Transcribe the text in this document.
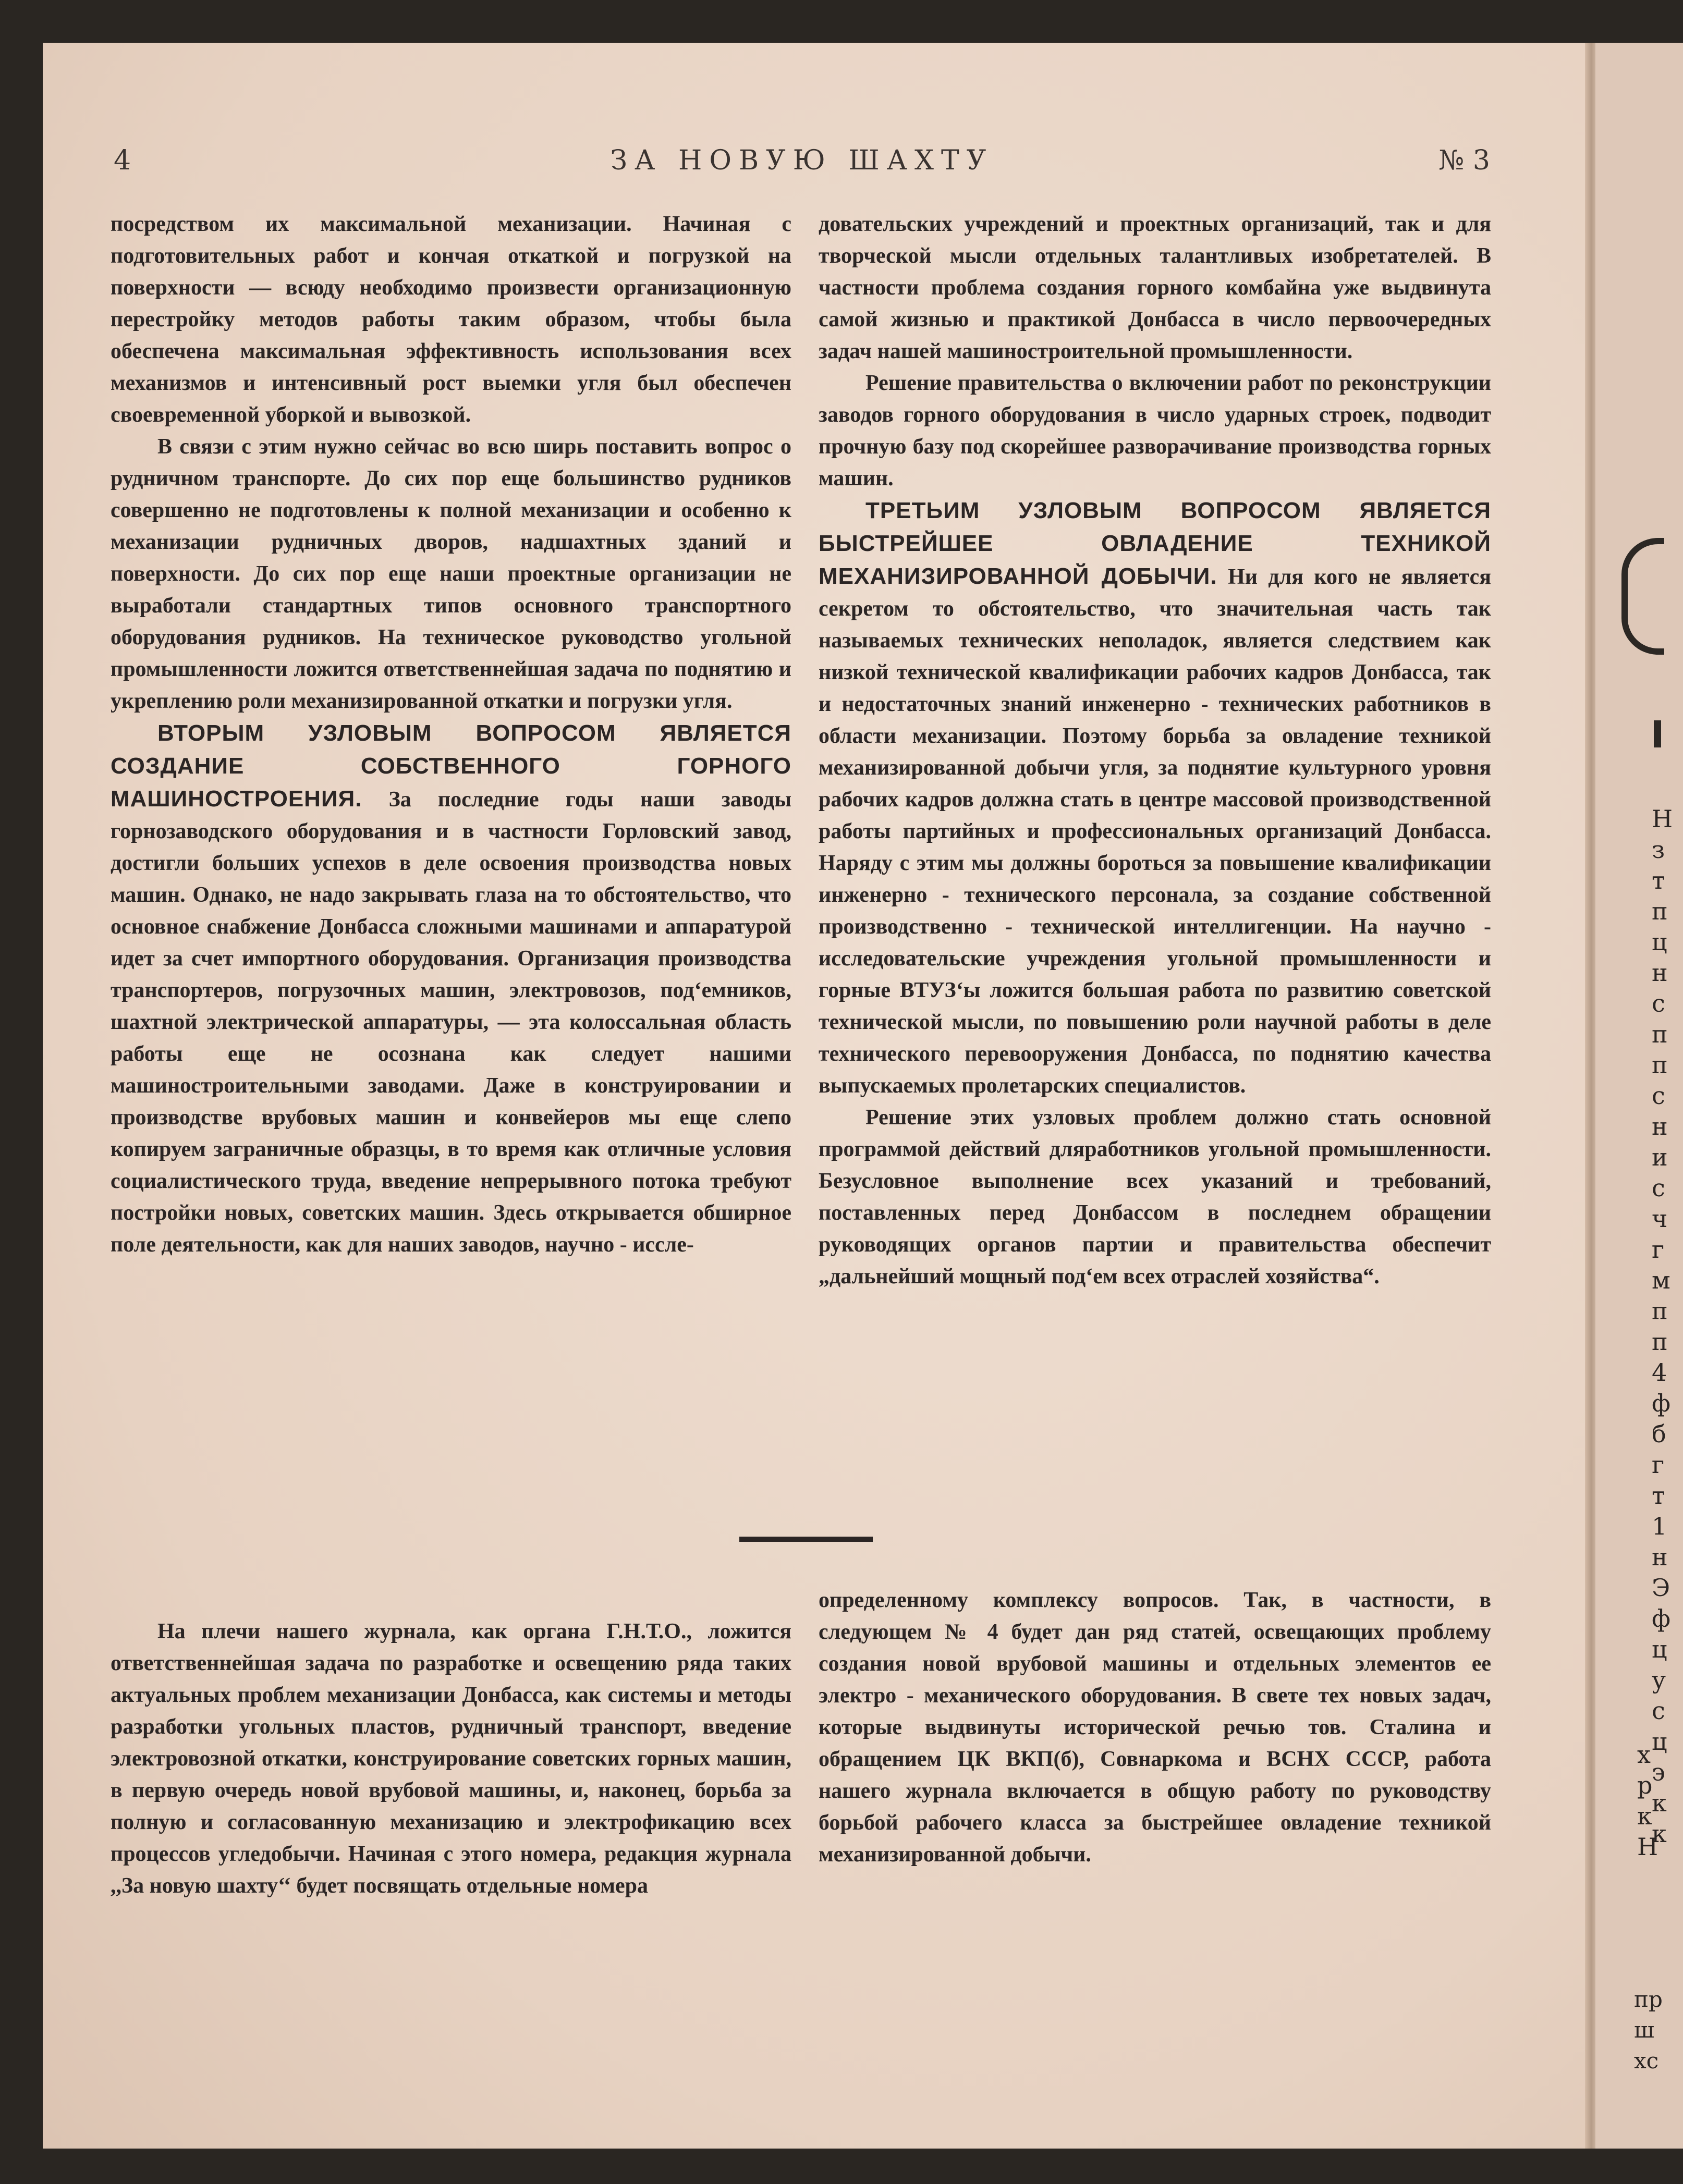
Н
з
т
п
ц
н
с
п
п
с
н
и
с
ч
г
м
п
п
4
ф
б
г
т
1
н
Э
ф
ц
у
с
ц
э
к
к
х
р
к
Н
пр
ш
хс
4	ЗА НОВУЮ ШАХТУ	№ 3

посредством их максимальной механизации. Начиная с подготовительных работ и кончая откаткой и погрузкой на поверхности — всюду необходимо произвести организационную перестройку методов работы таким образом, чтобы была обеспечена максимальная эффективность использования всех механизмов и интенсивный рост выемки угля был обеспечен своевременной уборкой и вывозкой.

В связи с этим нужно сейчас во всю ширь поставить вопрос о рудничном транспорте. До сих пор еще большинство рудников совершенно не подготовлены к полной механизации и особенно к механизации рудничных дворов, надшахтных зданий и поверхности. До сих пор еще наши проектные организации не выработали стандартных типов основного транспортного оборудования рудников. На техническое руководство угольной промышленности ложится ответственнейшая задача по поднятию и укреплению роли механизированной откатки и погрузки угля.

ВТОРЫМ УЗЛОВЫМ ВОПРОСОМ ЯВЛЯЕТСЯ СОЗДАНИЕ СОБСТВЕННОГО ГОРНОГО МАШИНОСТРОЕНИЯ. За последние годы наши заводы горнозаводского оборудования и в частности Горловский завод, достигли больших успехов в деле освоения производства новых машин. Однако, не надо закрывать глаза на то обстоятельство, что основное снабжение Донбасса сложными машинами и аппаратурой идет за счет импортного оборудования. Организация производства транспортеров, погрузочных машин, электровозов, под‘емников, шахтной электрической аппаратуры, — эта колоссальная область работы еще не осознана как следует нашими машиностроительными заводами. Даже в конструировании и производстве врубовых машин и конвейеров мы еще слепо копируем заграничные образцы, в то время как отличные условия социалистического труда, введение непрерывного потока требуют постройки новых, советских машин. Здесь открывается обширное поле деятельности, как для наших заводов, научно - иссле-

довательских учреждений и проектных организаций, так и для творческой мысли отдельных талантливых изобретателей. В частности проблема создания горного комбайна уже выдвинута самой жизнью и практикой Донбасса в число первоочередных задач нашей машиностроительной промышленности.

Решение правительства о включении работ по реконструкции заводов горного оборудования в число ударных строек, подводит прочную базу под скорейшее разворачивание производства горных машин.

ТРЕТЬИМ УЗЛОВЫМ ВОПРОСОМ ЯВЛЯЕТСЯ БЫСТРЕЙШЕЕ ОВЛАДЕНИЕ ТЕХНИКОЙ МЕХАНИЗИРОВАННОЙ ДОБЫЧИ. Ни для кого не является секретом то обстоятельство, что значительная часть так называемых технических неполадок, является следствием как низкой технической квалификации рабочих кадров Донбасса, так и недостаточных знаний инженерно - технических работников в области механизации. Поэтому борьба за овладение техникой механизированной добычи угля, за поднятие культурного уровня рабочих кадров должна стать в центре массовой производственной работы партийных и профессиональных организаций Донбасса. Наряду с этим мы должны бороться за повышение квалификации инженерно - технического персонала, за создание собственной производственно - технической интеллигенции. На научно - исследовательские учреждения угольной промышленности и горные ВТУЗ‘ы ложится большая работа по развитию советской технической мысли, по повышению роли научной работы в деле технического перевооружения Донбасса, по поднятию качества выпускаемых пролетарских специалистов.

Решение этих узловых проблем должно стать основной программой действий дляработников угольной промышленности. Безусловное выполнение всех указаний и требований, поставленных перед Донбассом в последнем обращении руководящих органов партии и правительства обеспечит „дальнейший мощный под‘ем всех отраслей хозяйства“.

На плечи нашего журнала, как органа Г.Н.Т.О., ложится ответственнейшая задача по разработке и освещению ряда таких актуальных проблем механизации Донбасса, как системы и методы разработки угольных пластов, рудничный транспорт, введение электровозной откатки, конструирование советских горных машин, в первую очередь новой врубовой машины, и, наконец, борьба за полную и согласованную механизацию и электрофикацию всех процессов угледобычи. Начиная с этого номера, редакция журнала ,,За новую шахту‘‘ будет посвящать отдельные номера

определенному комплексу вопросов. Так, в частности, в следующем № 4 будет дан ряд статей, освещающих проблему создания новой врубовой машины и отдельных элементов ее электро - механического оборудования. В свете тех новых задач, которые выдвинуты исторической речью тов. Сталина и обращением ЦК ВКП(б), Совнаркома и ВСНХ СССР, работа нашего журнала включается в общую работу по руководству борьбой рабочего класса за быстрейшее овладение техникой механизированной добычи.
